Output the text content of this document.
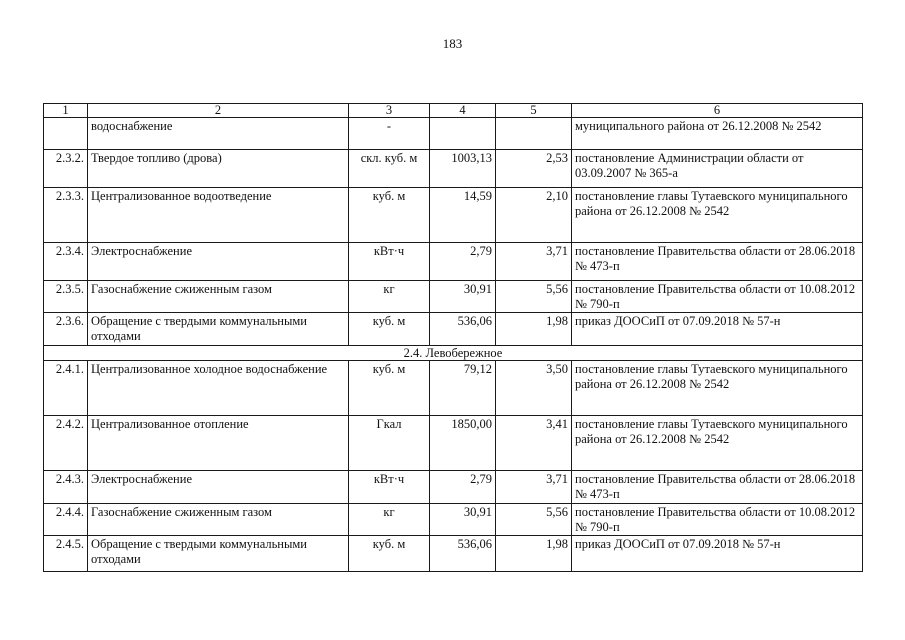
183
1	2	3	4	5	6
	водоснабжение	-			муниципального района от 26.12.2008 № 2542
2.3.2.	Твердое топливо (дрова)	скл. куб. м	1003,13	2,53	постановление Администрации области от 03.09.2007 № 365-а
2.3.3.	Централизованное водоотведение	куб. м	14,59	2,10	постановление главы Тутаевского муниципального района от 26.12.2008 № 2542
2.3.4.	Электроснабжение	кВт·ч	2,79	3,71	постановление Правительства области от 28.06.2018 № 473-п
2.3.5.	Газоснабжение сжиженным газом	кг	30,91	5,56	постановление Правительства области от 10.08.2012 № 790-п
2.3.6.	Обращение с твердыми коммунальными отходами	куб. м	536,06	1,98	приказ ДООСиП от 07.09.2018 № 57-н
2.4. Левобережное					
2.4.1.	Централизованное холодное водоснабжение	куб. м	79,12	3,50	постановление главы Тутаевского муниципального района от 26.12.2008 № 2542
2.4.2.	Централизованное отопление	Гкал	1850,00	3,41	постановление главы Тутаевского муниципального района от 26.12.2008 № 2542
2.4.3.	Электроснабжение	кВт·ч	2,79	3,71	постановление Правительства области от 28.06.2018 № 473-п
2.4.4.	Газоснабжение сжиженным газом	кг	30,91	5,56	постановление Правительства области от 10.08.2012 № 790-п
2.4.5.	Обращение с твердыми коммунальными отходами	куб. м	536,06	1,98	приказ ДООСиП от 07.09.2018 № 57-н
